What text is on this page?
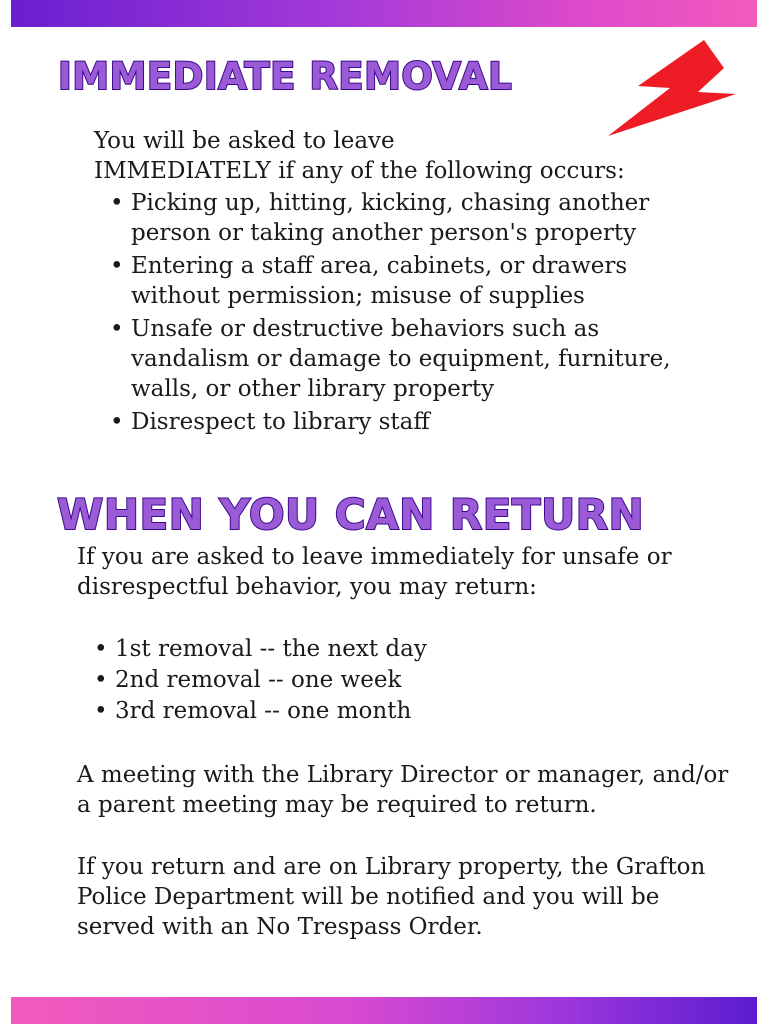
IMMEDIATE REMOVAL

You will be asked to leave

IMMEDIATELY if any of the following occurs:

• Picking up, hitting, kicking, chasing another person or taking another person's property
• Entering a staff area, cabinets, or drawers without permission; misuse of supplies
• Unsafe or destructive behaviors such as vandalism or damage to equipment, furniture, walls, or other library property
• Disrespect to library staff
WHEN YOU CAN RETURN

If you are asked to leave immediately for unsafe or disrespectful behavior, you may return:

• 1st removal -- the next day
• 2nd removal -- one week
• 3rd removal -- one month

A meeting with the Library Director or manager, and/or a parent meeting may be required to return.

If you return and are on Library property, the Grafton Police Department will be notified and you will be served with an No Trespass Order.
